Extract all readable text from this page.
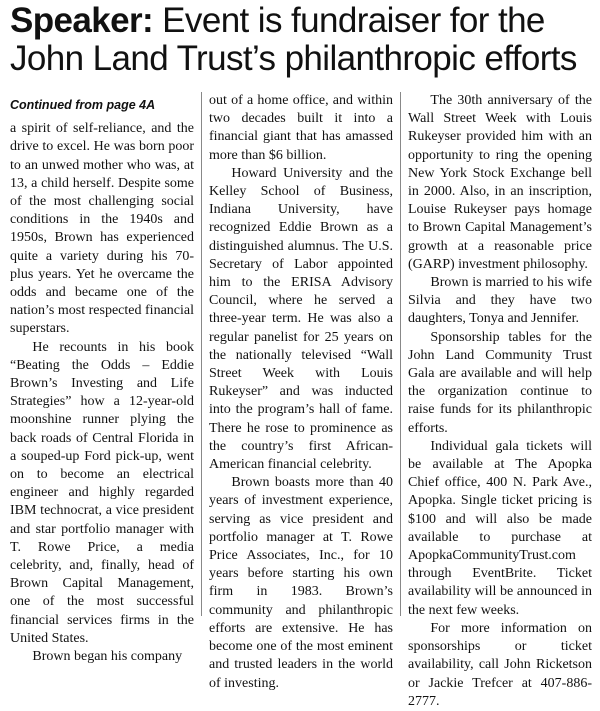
Speaker: Event is fundraiser for the John Land Trust’s philanthropic efforts
Continued from page 4A

a spirit of self-reliance, and the drive to excel. He was born poor to an unwed mother who was, at 13, a child herself. Despite some of the most challenging social conditions in the 1940s and 1950s, Brown has experienced quite a variety during his 70-plus years. Yet he overcame the odds and became one of the nation’s most respected financial superstars.

He recounts in his book “Beating the Odds – Eddie Brown’s Investing and Life Strategies” how a 12-year-old moonshine runner plying the back roads of Central Florida in a souped-up Ford pick-up, went on to become an electrical engineer and highly regarded IBM technocrat, a vice president and star portfolio manager with T. Rowe Price, a media celebrity, and, finally, head of Brown Capital Management, one of the most successful financial services firms in the United States.

Brown began his company

out of a home office, and within two decades built it into a financial giant that has amassed more than $6 billion.

Howard University and the Kelley School of Business, Indiana University, have recognized Eddie Brown as a distinguished alumnus. The U.S. Secretary of Labor appointed him to the ERISA Advisory Council, where he served a three-year term. He was also a regular panelist for 25 years on the nationally televised “Wall Street Week with Louis Rukeyser” and was inducted into the program’s hall of fame. There he rose to prominence as the country’s first African-American financial celebrity.

Brown boasts more than 40 years of investment experience, serving as vice president and portfolio manager at T. Rowe Price Associates, Inc., for 10 years before starting his own firm in 1983. Brown’s community and philanthropic efforts are extensive. He has become one of the most eminent and trusted leaders in the world of investing.

The 30th anniversary of the Wall Street Week with Louis Rukeyser provided him with an opportunity to ring the opening New York Stock Exchange bell in 2000. Also, in an inscription, Louise Rukeyser pays homage to Brown Capital Management’s growth at a reasonable price (GARP) investment philosophy.

Brown is married to his wife Silvia and they have two daughters, Tonya and Jennifer.

Sponsorship tables for the John Land Community Trust Gala are available and will help the organization continue to raise funds for its philanthropic efforts.

Individual gala tickets will be available at The Apopka Chief office, 400 N. Park Ave., Apopka. Single ticket pricing is $100 and will also be made available to purchase at ApopkaCommunityTrust.com through EventBrite. Ticket availability will be announced in the next few weeks.

For more information on sponsorships or ticket availability, call John Ricketson or Jackie Trefcer at 407-886-2777.
